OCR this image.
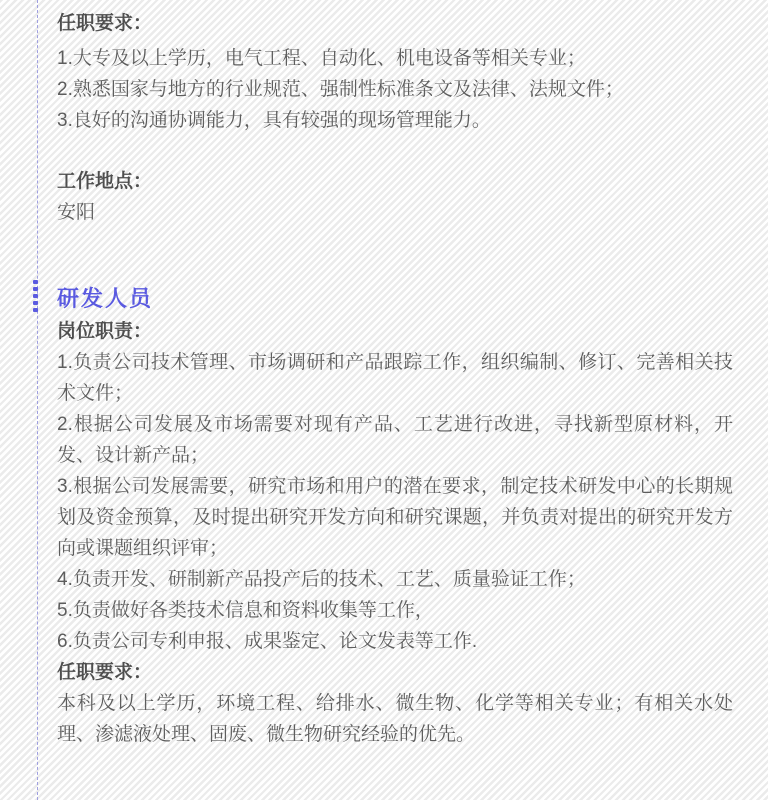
任职要求：

1.大专及以上学历，电气工程、自动化、机电设备等相关专业；

2.熟悉国家与地方的行业规范、强制性标准条文及法律、法规文件；

3.良好的沟通协调能力，具有较强的现场管理能力。

工作地点：

安阳

研发人员

岗位职责：

1.负责公司技术管理、市场调研和产品跟踪工作，组织编制、修订、完善相关技术文件；

2.根据公司发展及市场需要对现有产品、工艺进行改进，寻找新型原材料，开发、设计新产品；

3.根据公司发展需要，研究市场和用户的潜在要求，制定技术研发中心的长期规划及资金预算，及时提出研究开发方向和研究课题，并负责对提出的研究开发方向或课题组织评审；

4.负责开发、研制新产品投产后的技术、工艺、质量验证工作；

5.负责做好各类技术信息和资料收集等工作，

6.负责公司专利申报、成果鉴定、论文发表等工作.

任职要求：

本科及以上学历，环境工程、给排水、微生物、化学等相关专业；有相关水处理、渗滤液处理、固废、微生物研究经验的优先。
